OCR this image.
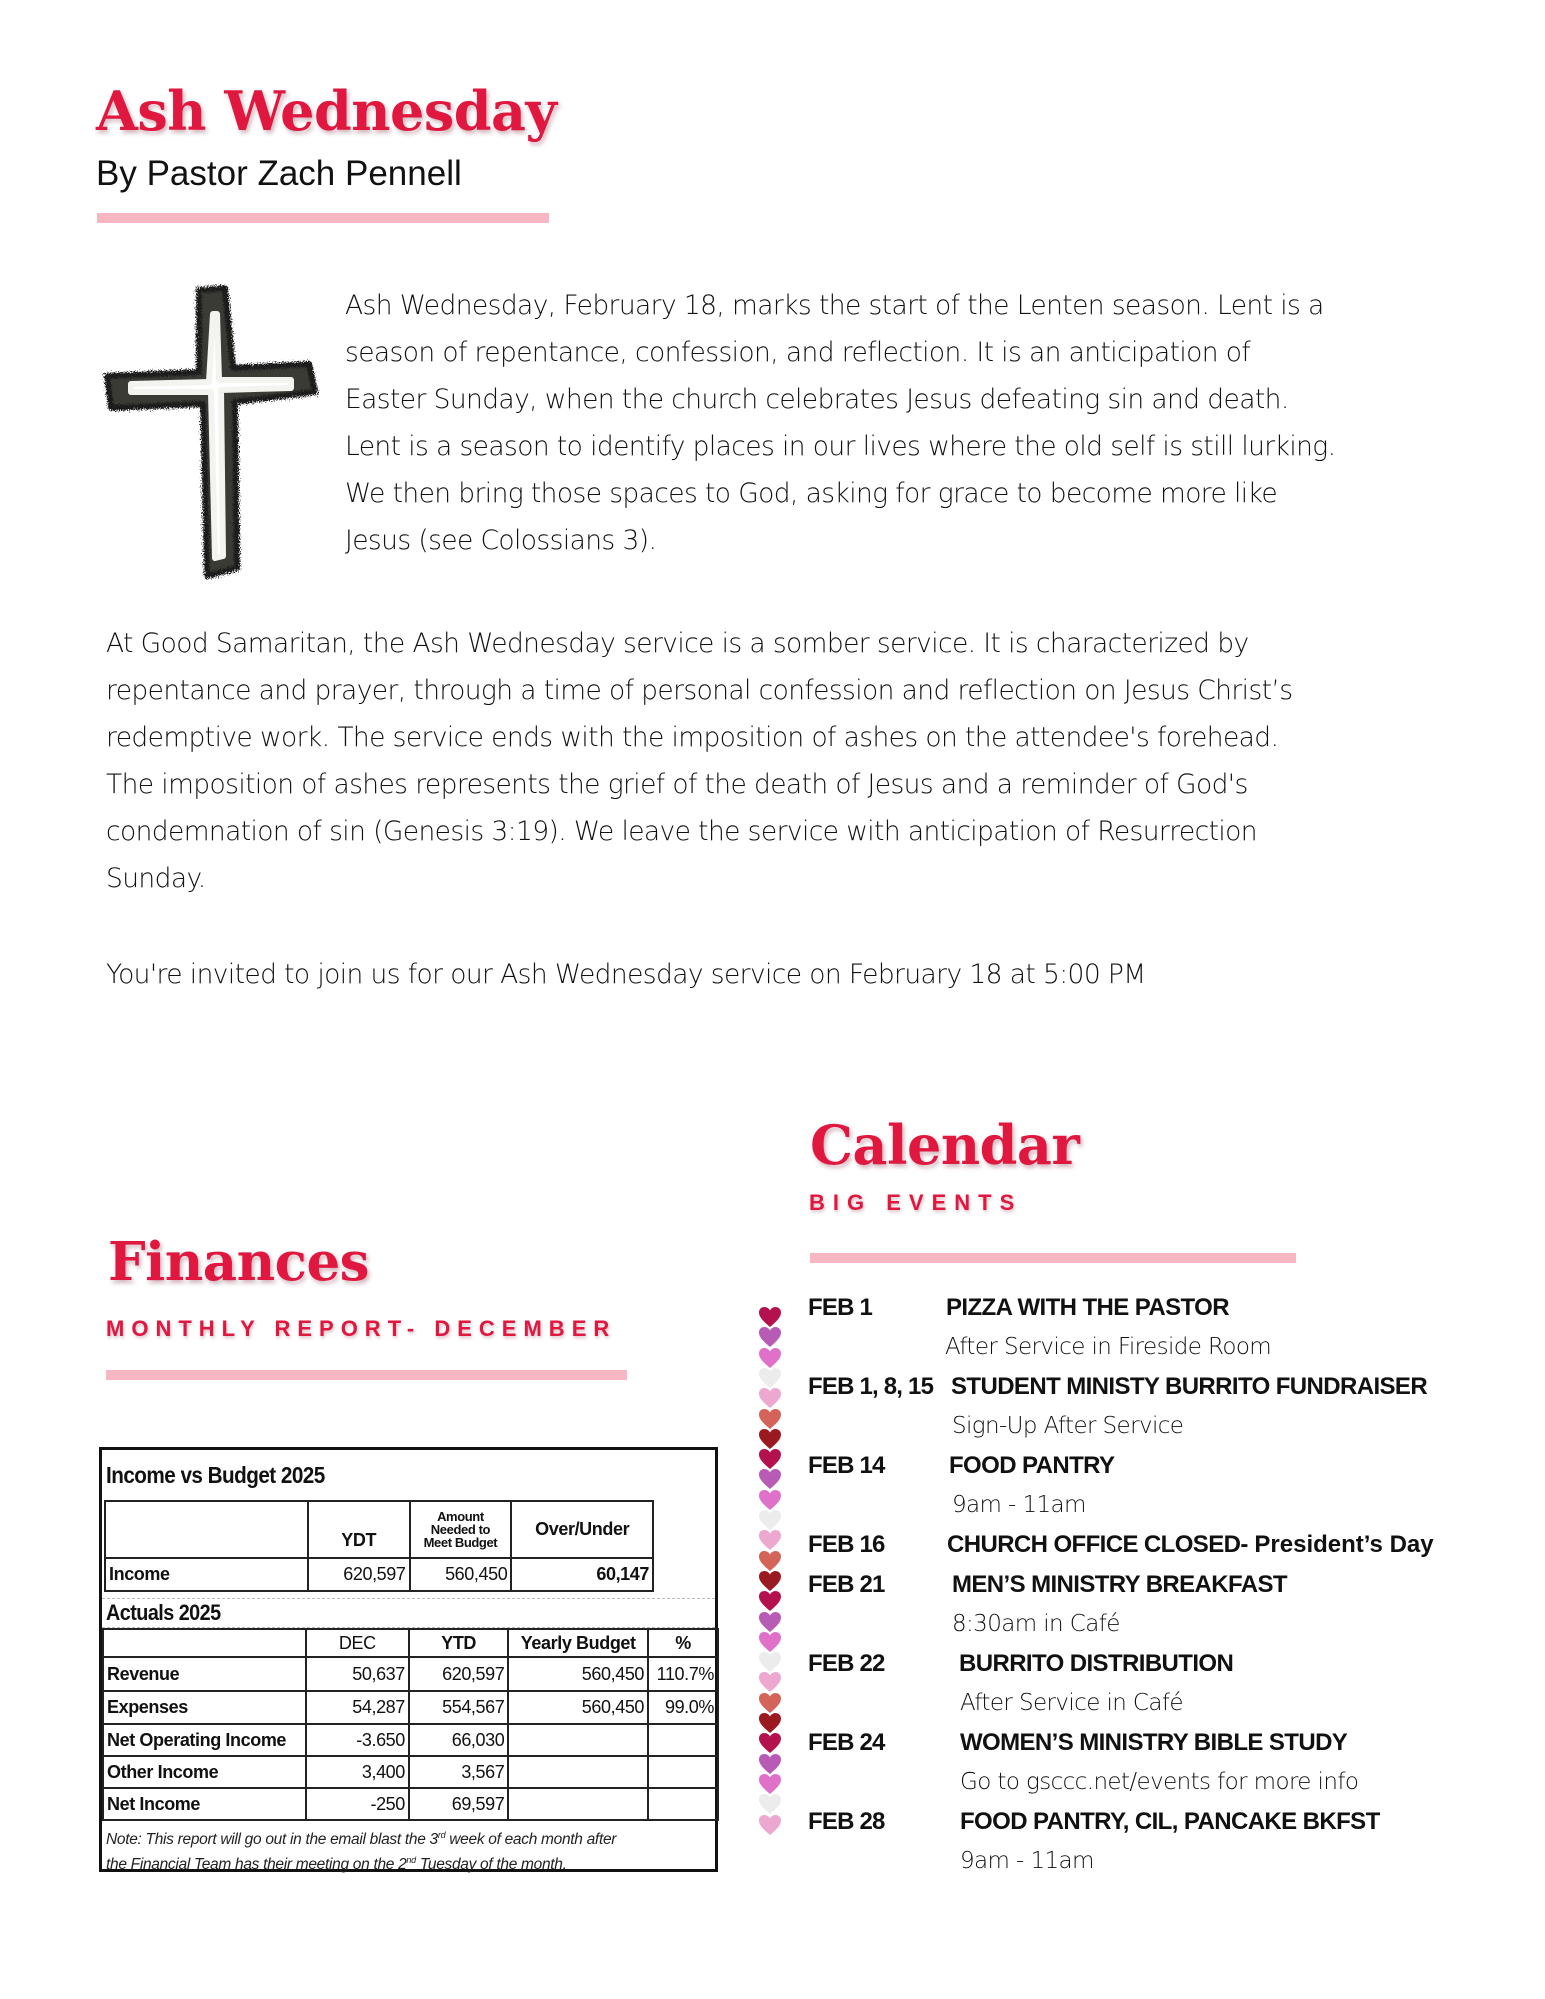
Ash Wednesday
By Pastor Zach Pennell

Ash Wednesday, February 18, marks the start of the Lenten season. Lent is a

season of repentance, confession, and reflection. It is an anticipation of

Easter Sunday, when the church celebrates Jesus defeating sin and death.

Lent is a season to identify places in our lives where the old self is still lurking.

We then bring those spaces to God, asking for grace to become more like

Jesus (see Colossians 3).

At Good Samaritan, the Ash Wednesday service is a somber service. It is characterized by

repentance and prayer, through a time of personal confession and reflection on Jesus Christ’s

redemptive work. The service ends with the imposition of ashes on the attendee's forehead.

The imposition of ashes represents the grief of the death of Jesus and a reminder of God's

condemnation of sin (Genesis 3:19). We leave the service with anticipation of Resurrection

Sunday.

You're invited to join us for our Ash Wednesday service on February 18 at 5:00 PM

Finances
MONTHLY REPORT- DECEMBER
Income vs Budget 2025
	YDT	Amount
Needed to
Meet Budget	Over/Under
Income	620,597	560,450	60,147
Actuals 2025
	DEC	YTD	Yearly Budget	%
Revenue	50,637	620,597	560,450	110.7%
Expenses	54,287	554,567	560,450	99.0%
Net Operating Income	-3.650	66,030		
Other Income	3,400	3,567		
Net Income	-250	69,597		
Note: This report will go out in the email blast the 3rd week of each month after
the Financial Team has their meeting on the 2nd Tuesday of the month.
Calendar
BIG EVENTS
FEB 1	PIZZA WITH THE PASTOR
After Service in Fireside Room
FEB 1, 8, 15 STUDENT MINISTY BURRITO FUNDRAISER
Sign-Up After Service
FEB 14	FOOD PANTRY
9am - 11am
FEB 16	CHURCH OFFICE CLOSED- President’s Day
FEB 21	MEN’S MINISTRY BREAKFAST
8:30am in Café
FEB 22	BURRITO DISTRIBUTION
After Service in Café
FEB 24	WOMEN’S MINISTRY BIBLE STUDY
Go to gsccc.net/events for more info
FEB 28	FOOD PANTRY, CIL, PANCAKE BKFST
9am - 11am
